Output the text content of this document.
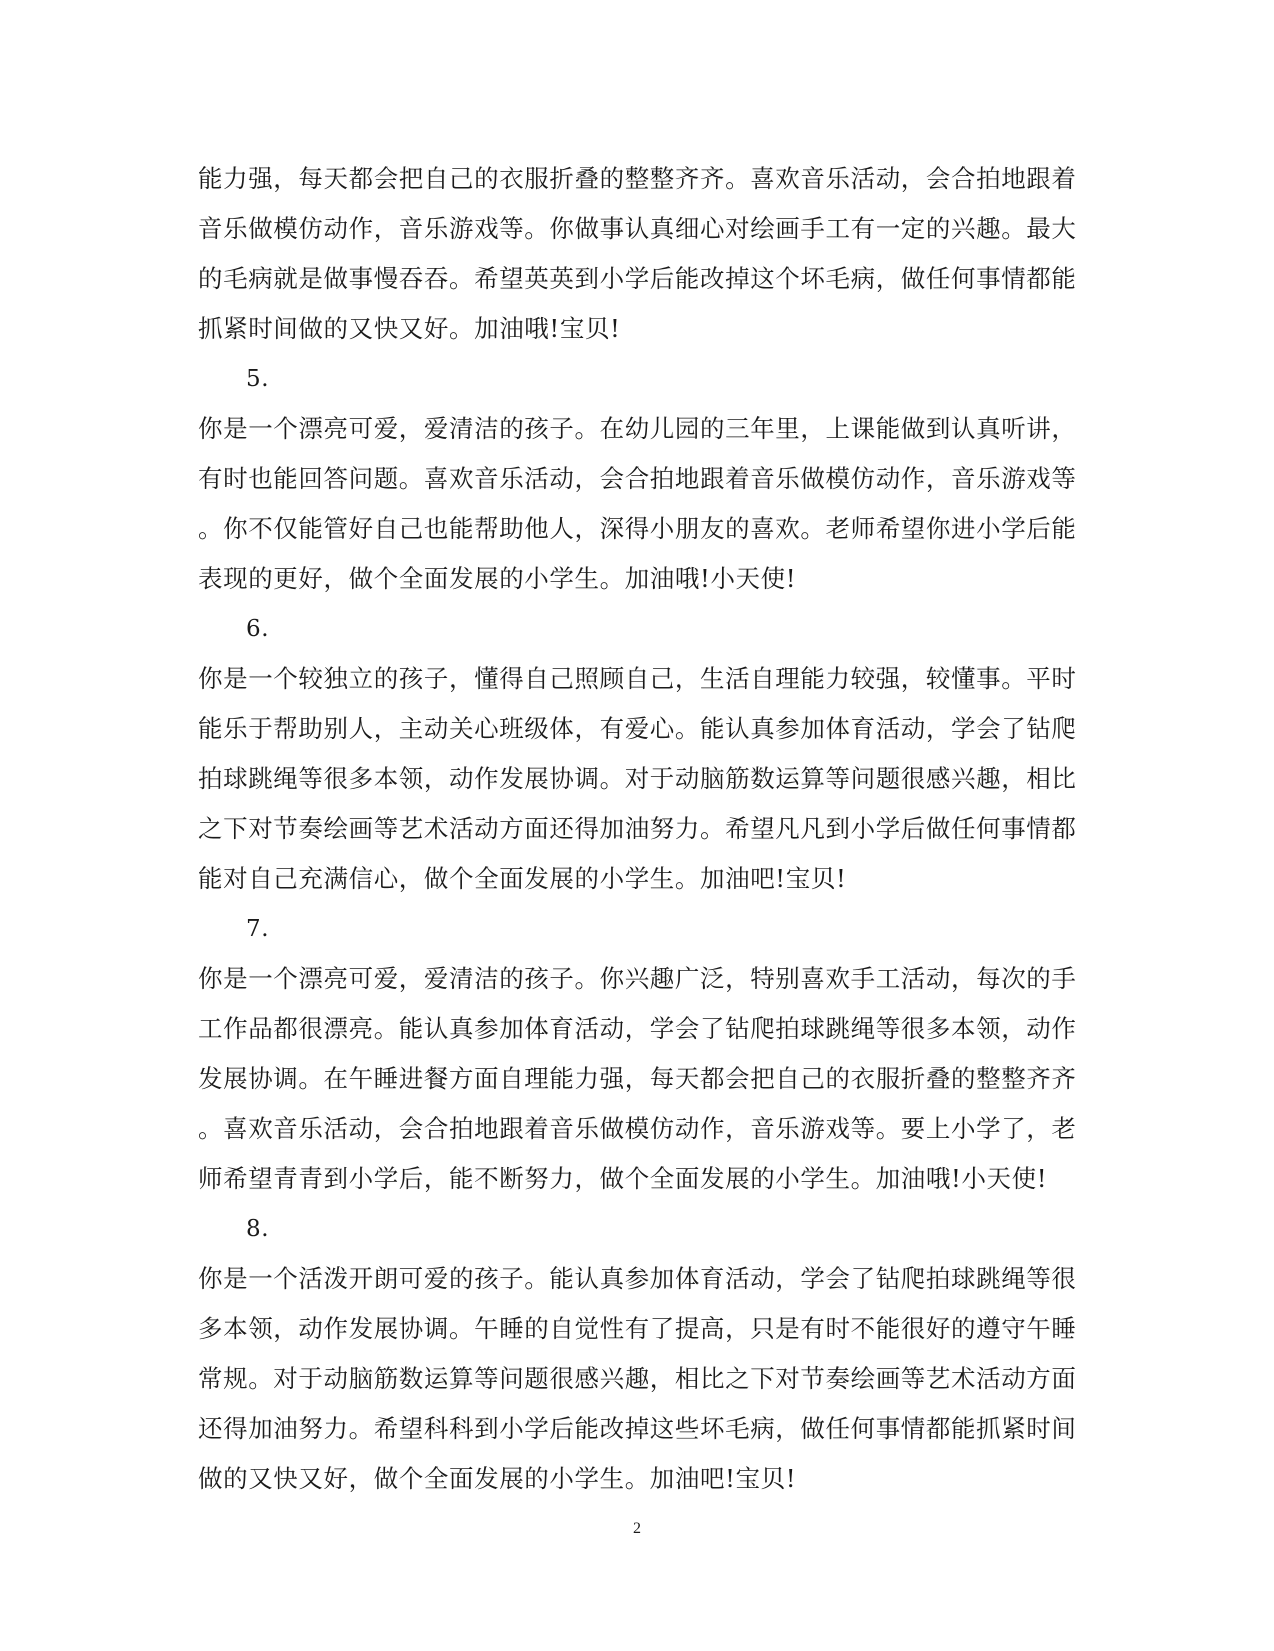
能力强，每天都会把自己的衣服折叠的整整齐齐。喜欢音乐活动，会合拍地跟着
音乐做模仿动作，音乐游戏等。你做事认真细心对绘画手工有一定的兴趣。最大
的毛病就是做事慢吞吞。希望英英到小学后能改掉这个坏毛病，做任何事情都能
抓紧时间做的又快又好。加油哦!宝贝!
5.
你是一个漂亮可爱，爱清洁的孩子。在幼儿园的三年里，上课能做到认真听讲，
有时也能回答问题。喜欢音乐活动，会合拍地跟着音乐做模仿动作，音乐游戏等
。你不仅能管好自己也能帮助他人，深得小朋友的喜欢。老师希望你进小学后能
表现的更好，做个全面发展的小学生。加油哦!小天使!
6.
你是一个较独立的孩子，懂得自己照顾自己，生活自理能力较强，较懂事。平时
能乐于帮助别人，主动关心班级体，有爱心。能认真参加体育活动，学会了钻爬
拍球跳绳等很多本领，动作发展协调。对于动脑筋数运算等问题很感兴趣，相比
之下对节奏绘画等艺术活动方面还得加油努力。希望凡凡到小学后做任何事情都
能对自己充满信心，做个全面发展的小学生。加油吧!宝贝!
7.
你是一个漂亮可爱，爱清洁的孩子。你兴趣广泛，特别喜欢手工活动，每次的手
工作品都很漂亮。能认真参加体育活动，学会了钻爬拍球跳绳等很多本领，动作
发展协调。在午睡进餐方面自理能力强，每天都会把自己的衣服折叠的整整齐齐
。喜欢音乐活动，会合拍地跟着音乐做模仿动作，音乐游戏等。要上小学了，老
师希望青青到小学后，能不断努力，做个全面发展的小学生。加油哦!小天使!
8.
你是一个活泼开朗可爱的孩子。能认真参加体育活动，学会了钻爬拍球跳绳等很
多本领，动作发展协调。午睡的自觉性有了提高，只是有时不能很好的遵守午睡
常规。对于动脑筋数运算等问题很感兴趣，相比之下对节奏绘画等艺术活动方面
还得加油努力。希望科科到小学后能改掉这些坏毛病，做任何事情都能抓紧时间
做的又快又好，做个全面发展的小学生。加油吧!宝贝!
2
